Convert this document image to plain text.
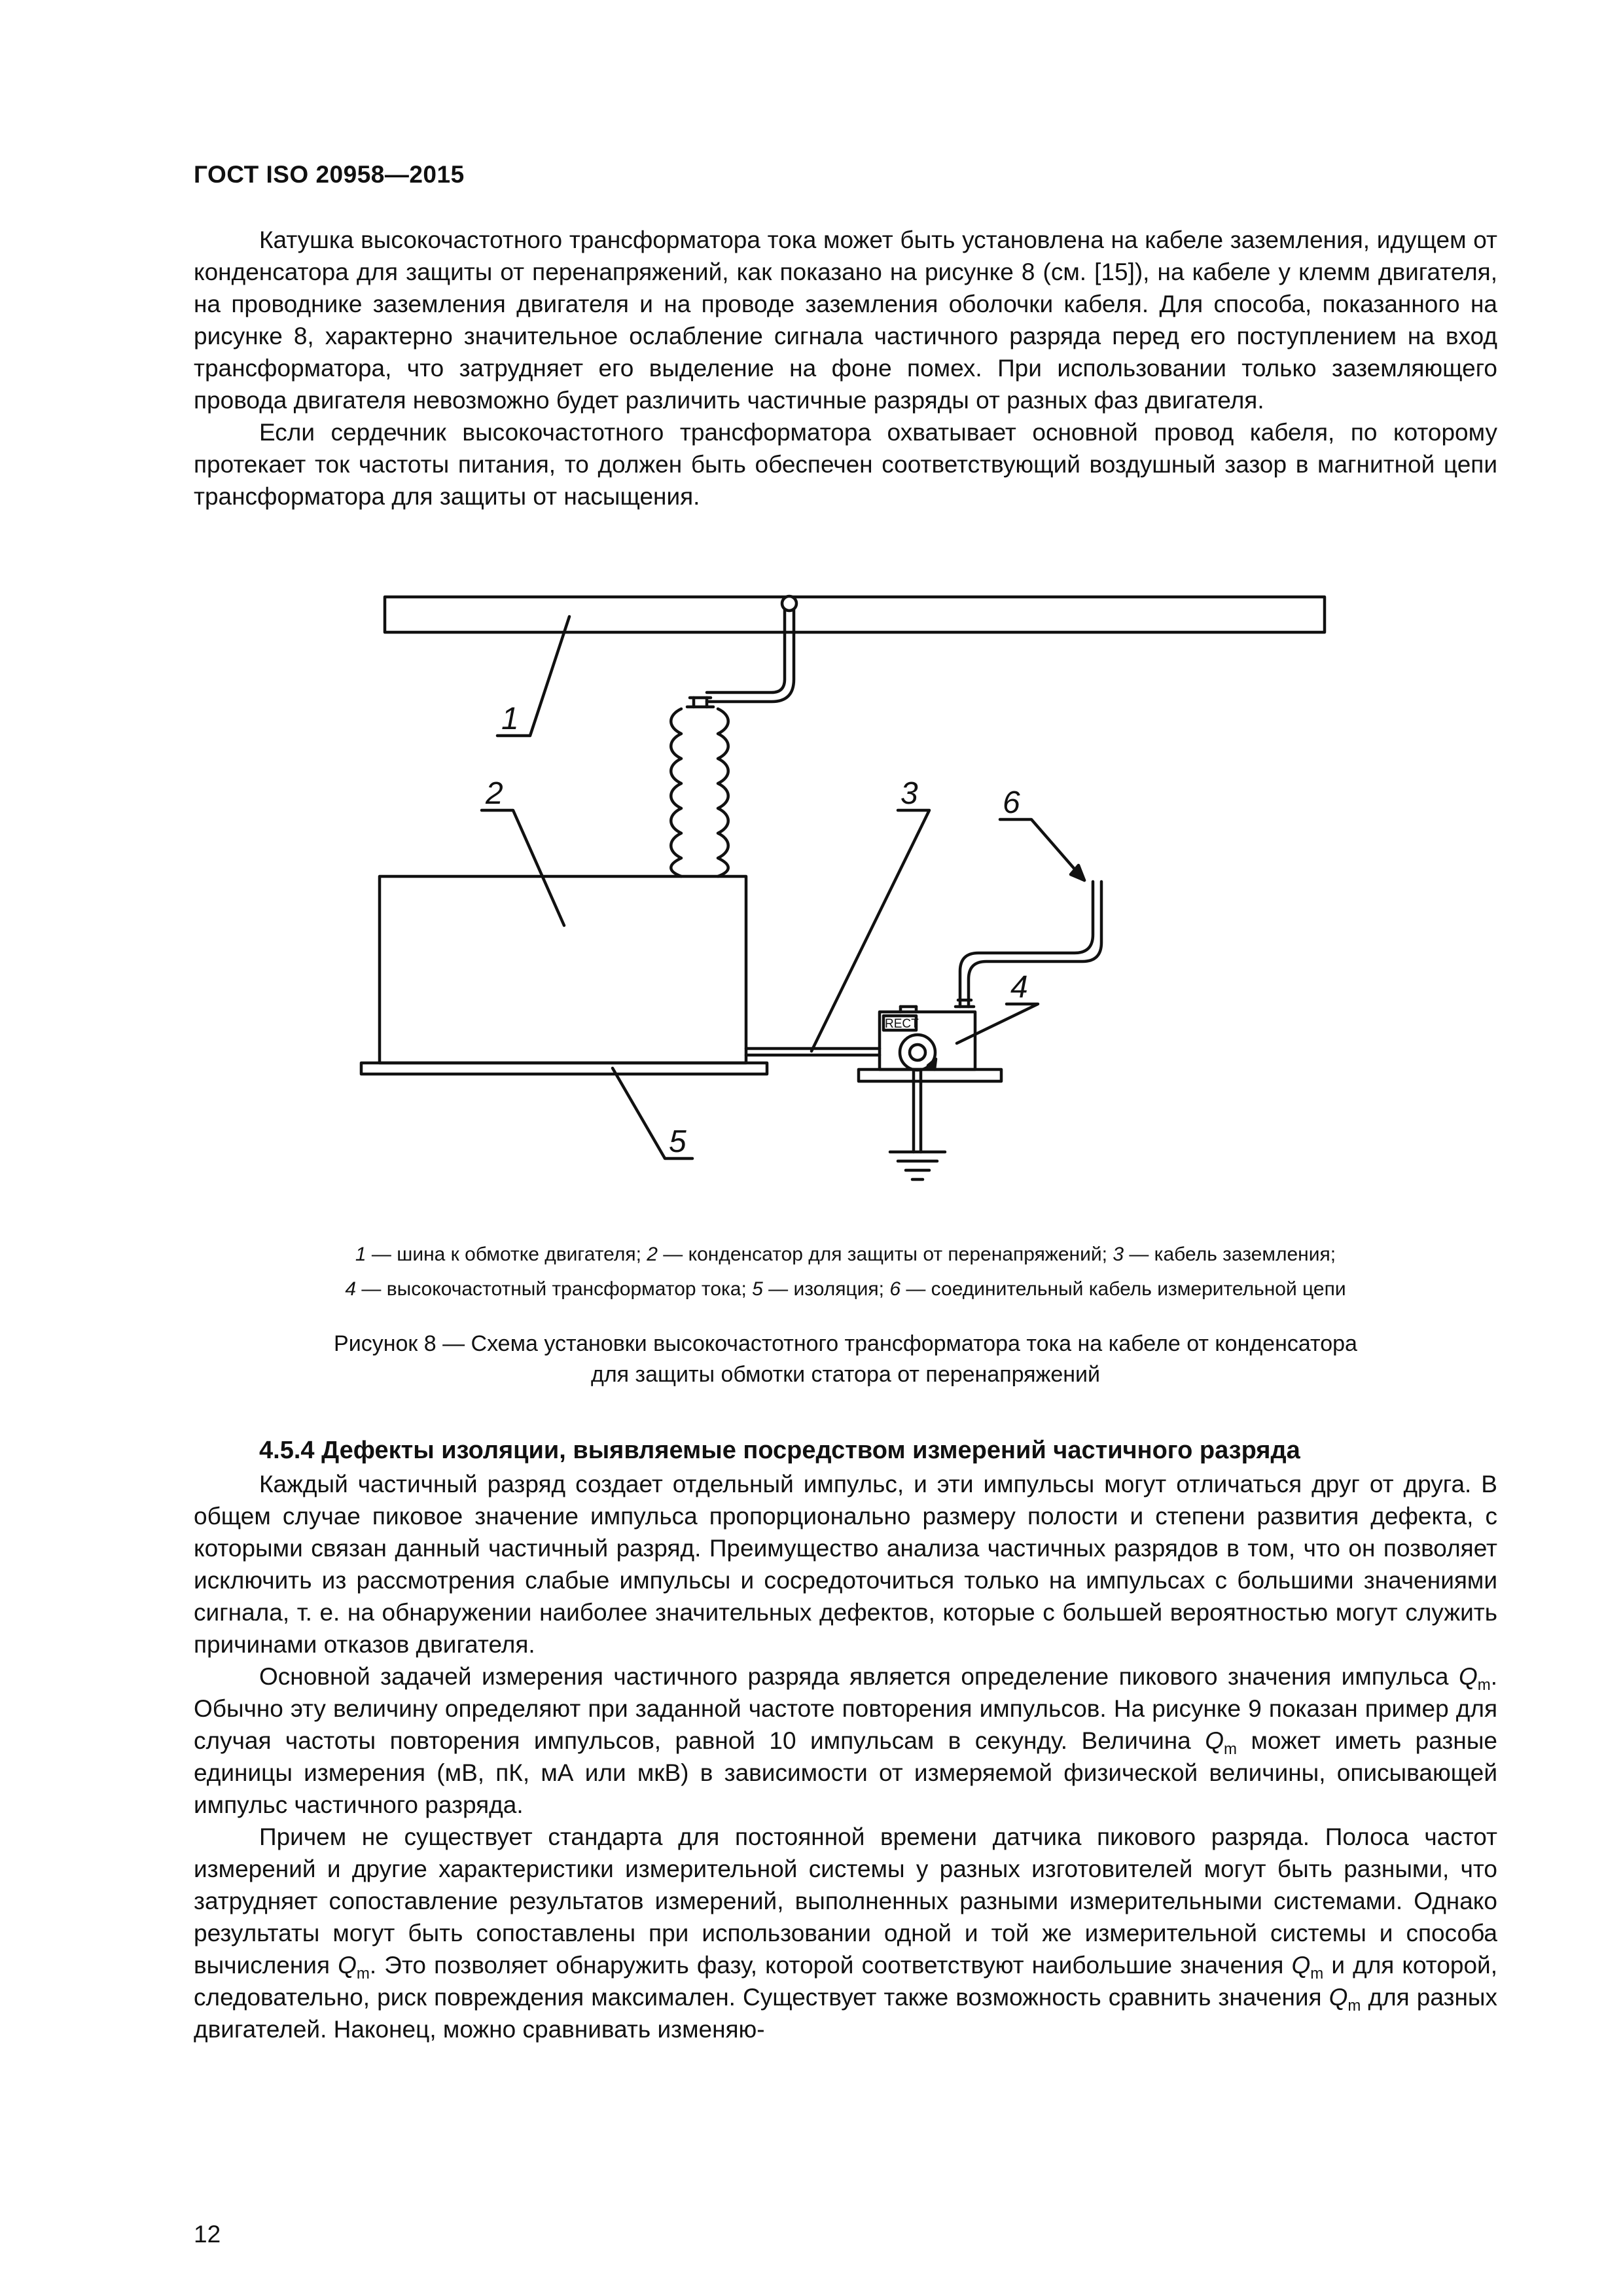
ГОСТ ISO 20958—2015

Катушка высокочастотного трансформатора тока может быть установлена на кабеле заземления, идущем от конденсатора для защиты от перенапряжений, как показано на рисунке 8 (см. [15]), на кабеле у клемм двигателя, на проводнике заземления двигателя и на проводе заземления оболочки кабеля. Для способа, показанного на рисунке 8, характерно значительное ослабление сигнала частичного разряда перед его поступлением на вход трансформатора, что затрудняет его выделение на фоне помех. При использовании только заземляющего провода двигателя невозможно будет различить частичные разряды от разных фаз двигателя.

Если сердечник высокочастотного трансформатора охватывает основной провод кабеля, по которому протекает ток частоты питания, то должен быть обеспечен соответствующий воздушный зазор в магнитной цепи трансформатора для защиты от насыщения.

1
2	3
4
5
6
RECT
1 — шина к обмотке двигателя; 2 — конденсатор для защиты от перенапряжений; 3 — кабель заземления;
4 — высокочастотный трансформатор тока; 5 — изоляция; 6 — соединительный кабель измерительной цепи
Рисунок 8 — Схема установки высокочастотного трансформатора тока на кабеле от конденсатора
для защиты обмотки статора от перенапряжений
4.5.4 Дефекты изоляции, выявляемые посредством измерений частичного разряда

Каждый частичный разряд создает отдельный импульс, и эти импульсы могут отличаться друг от друга. В общем случае пиковое значение импульса пропорционально размеру полости и степени развития дефекта, с которыми связан данный частичный разряд. Преимущество анализа частичных разрядов в том, что он позволяет исключить из рассмотрения слабые импульсы и сосредоточиться только на импульсах с большими значениями сигнала, т. е. на обнаружении наиболее значительных дефектов, которые с большей вероятностью могут служить причинами отказов двигателя.

Основной задачей измерения частичного разряда является определение пикового значения импульса $Q_m$. Обычно эту величину определяют при заданной частоте повторения импульсов. На рисунке 9 показан пример для случая частоты повторения импульсов, равной 10 импульсам в секунду. Величина $Q_m$ может иметь разные единицы измерения (мВ, пК, мА или мкВ) в зависимости от измеряемой физической величины, описывающей импульс частичного разряда.

Причем не существует стандарта для постоянной времени датчика пикового разряда. Полоса частот измерений и другие характеристики измерительной системы у разных изготовителей могут быть разными, что затрудняет сопоставление результатов измерений, выполненных разными измерительными системами. Однако результаты могут быть сопоставлены при использовании одной и той же измерительной системы и способа вычисления $Q_m$. Это позволяет обнаружить фазу, которой соответствуют наибольшие значения $Q_m$ и для которой, следовательно, риск повреждения максимален. Существует также возможность сравнить значения $Q_m$ для разных двигателей. Наконец, можно сравнивать изменяю-

12
